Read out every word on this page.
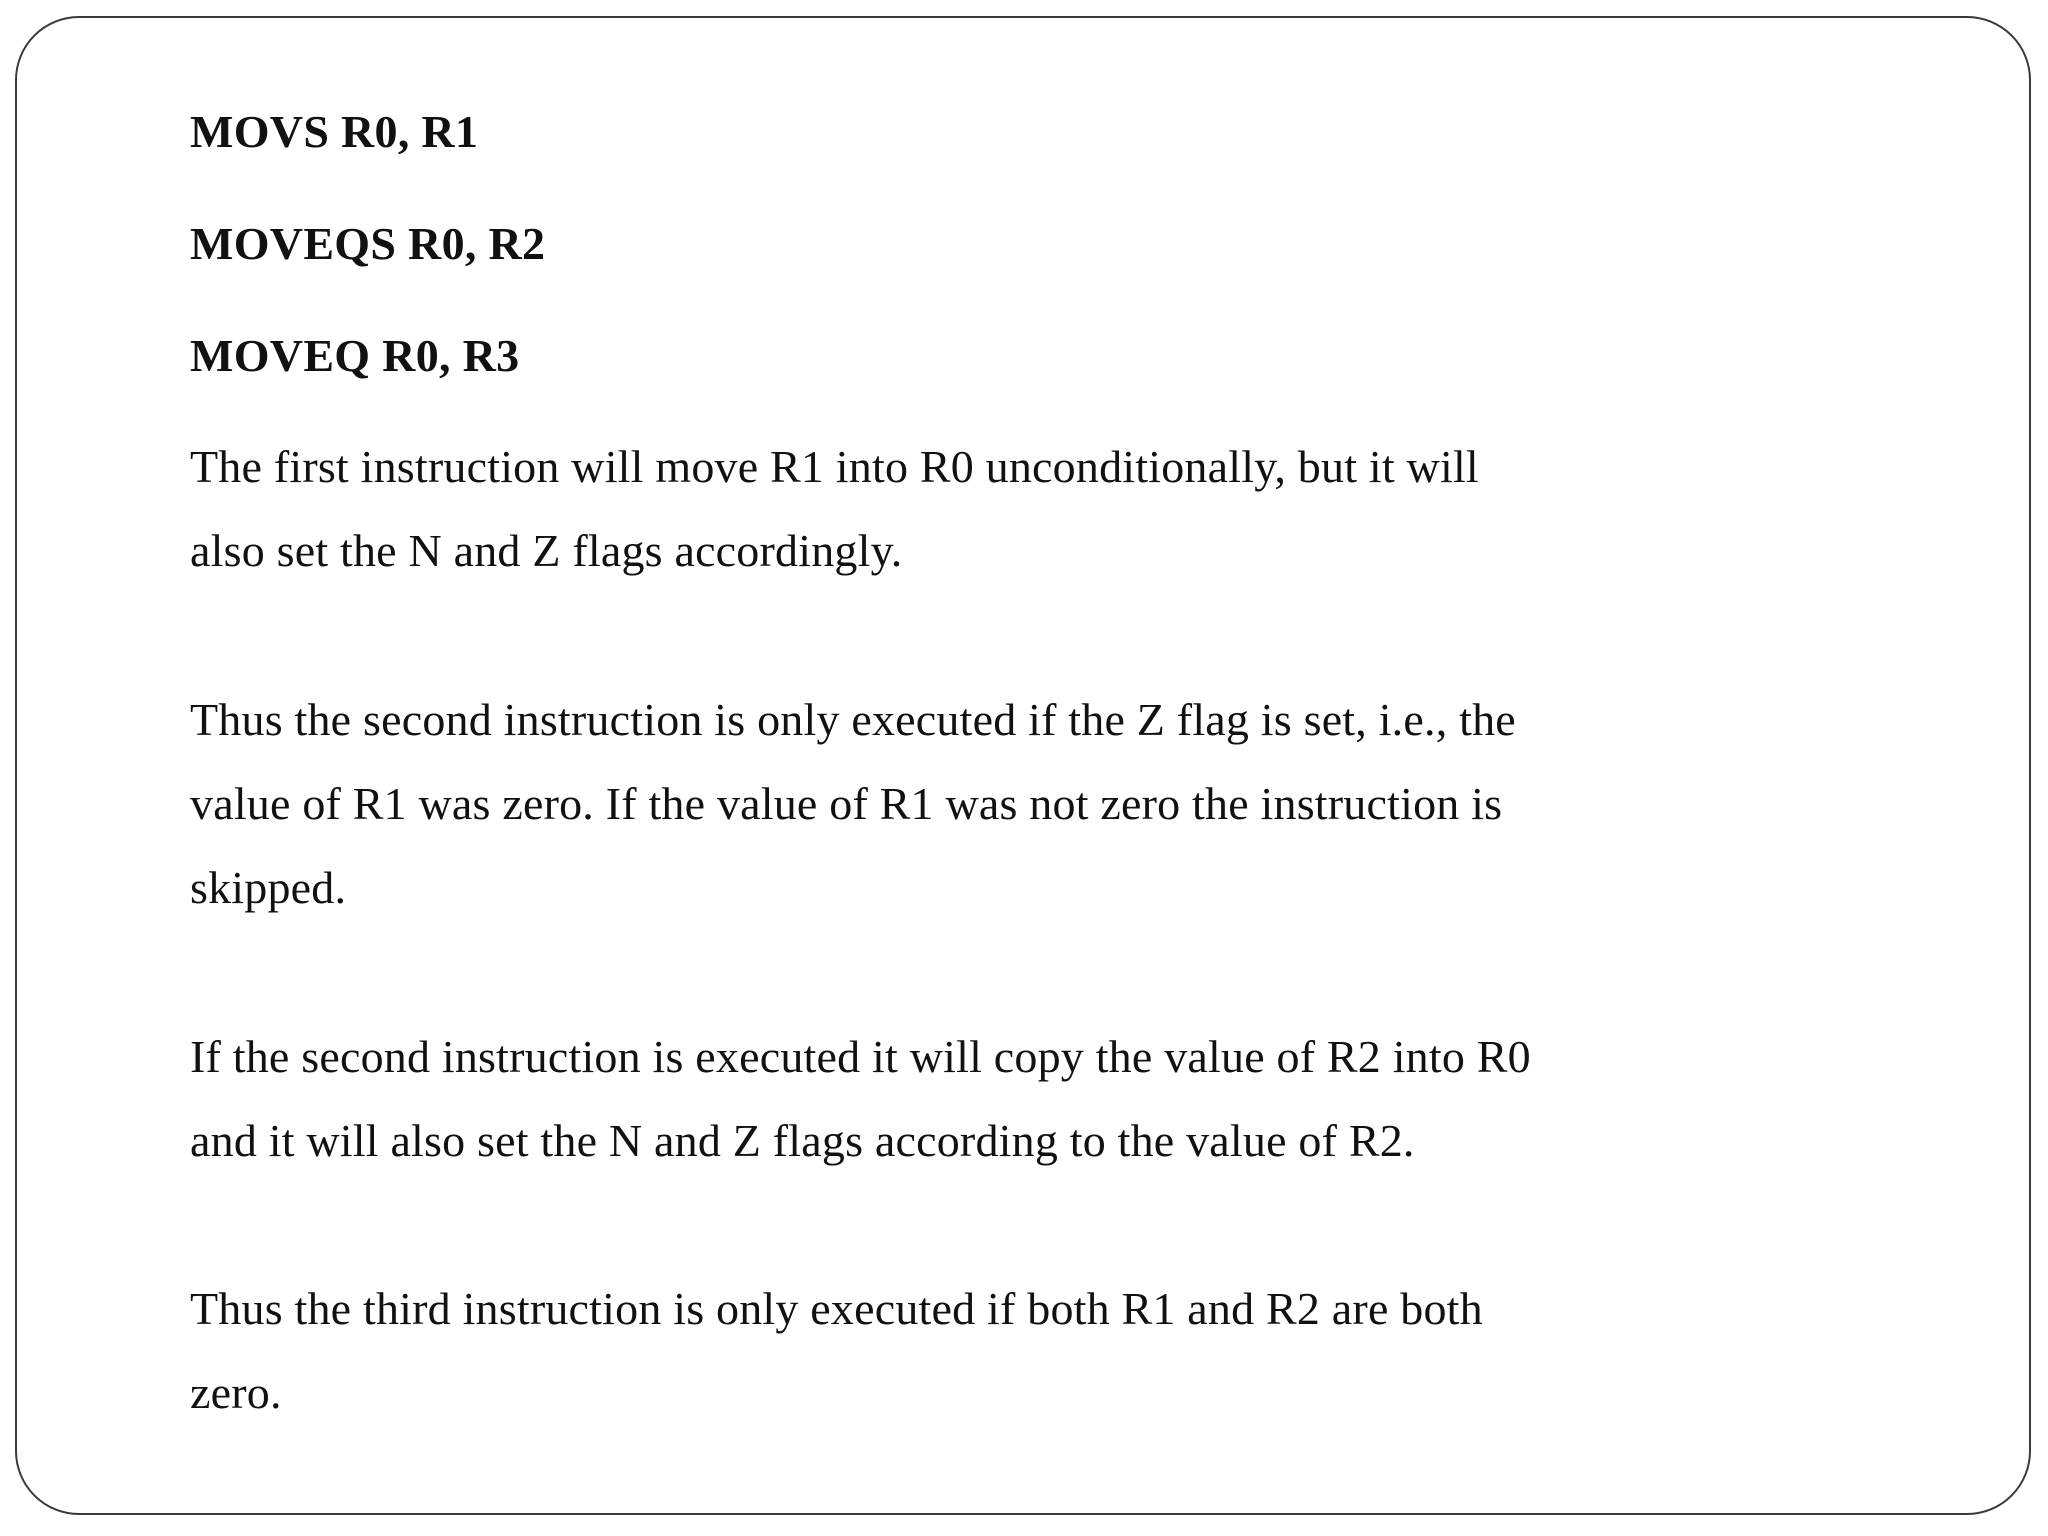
MOVS R0, R1
MOVEQS R0, R2
MOVEQ R0, R3
The first instruction will move R1 into R0 unconditionally, but it will
also set the N and Z flags accordingly.
Thus the second instruction is only executed if the Z flag is set, i.e., the
value of R1 was zero. If the value of R1 was not zero the instruction is
skipped.
If the second instruction is executed it will copy the value of R2 into R0
and it will also set the N and Z flags according to the value of R2.
Thus the third instruction is only executed if both R1 and R2 are both
zero.
